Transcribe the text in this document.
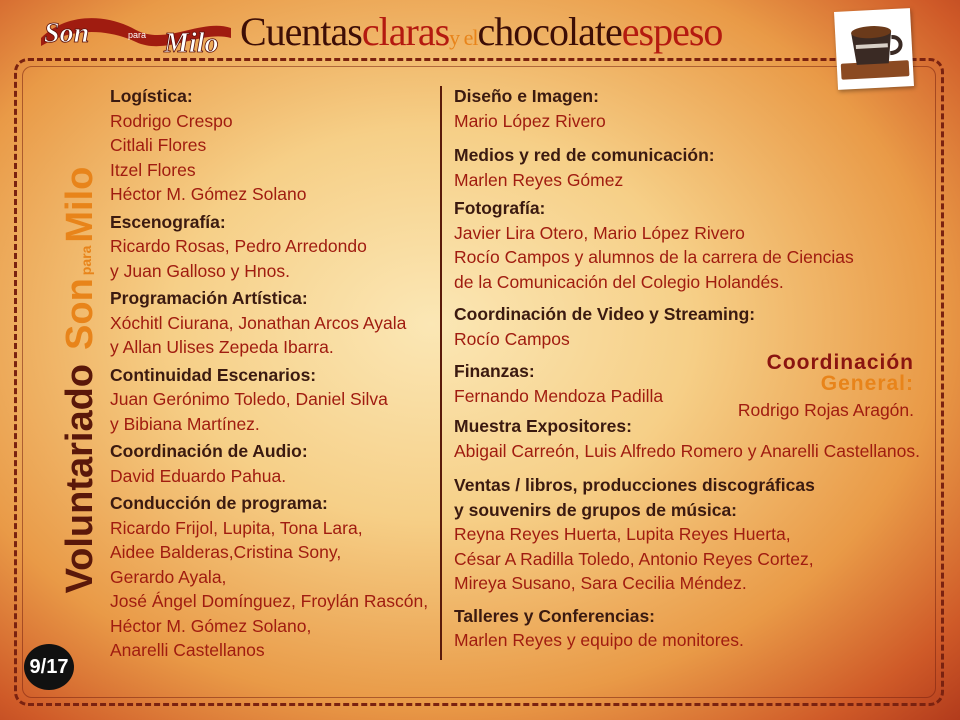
Son	para Milo Cuentasclarasy elchocolateespeso
Voluntariado
Son
para
Milo
Logística:
Rodrigo Crespo
Citlali Flores
Itzel Flores
Héctor M. Gómez Solano
Escenografía:
Ricardo Rosas, Pedro Arredondo
y Juan Galloso y Hnos.
Programación Artística:
Xóchitl Ciurana, Jonathan Arcos Ayala
y Allan Ulises Zepeda Ibarra.
Continuidad Escenarios:
Juan Gerónimo Toledo, Daniel Silva
y Bibiana Martínez.
Coordinación de Audio:
David Eduardo Pahua.
Conducción de programa:
Ricardo Frijol, Lupita, Tona Lara,
Aidee Balderas,Cristina Sony,
Gerardo Ayala,
José Ángel Domínguez, Froylán Rascón,
Héctor M. Gómez Solano,
Anarelli Castellanos
Diseño e Imagen:
Mario López Rivero
Medios y red de comunicación:
Marlen Reyes Gómez
Fotografía:
Javier Lira Otero, Mario López Rivero
Rocío Campos y alumnos de la carrera de Ciencias
de la Comunicación del Colegio Holandés.
Coordinación de Video y Streaming:
Rocío Campos
Finanzas:
Fernando Mendoza Padilla
Muestra Expositores:
Abigail Carreón, Luis Alfredo Romero y Anarelli Castellanos.
Ventas / libros, producciones discográficas
y souvenirs de grupos de música:
Reyna Reyes Huerta, Lupita Reyes Huerta,
César A Radilla Toledo, Antonio Reyes Cortez,
Mireya Susano, Sara Cecilia Méndez.
Talleres y Conferencias:
Marlen Reyes y equipo de monitores.
Coordinación
General:
Rodrigo Rojas Aragón.
9/17
